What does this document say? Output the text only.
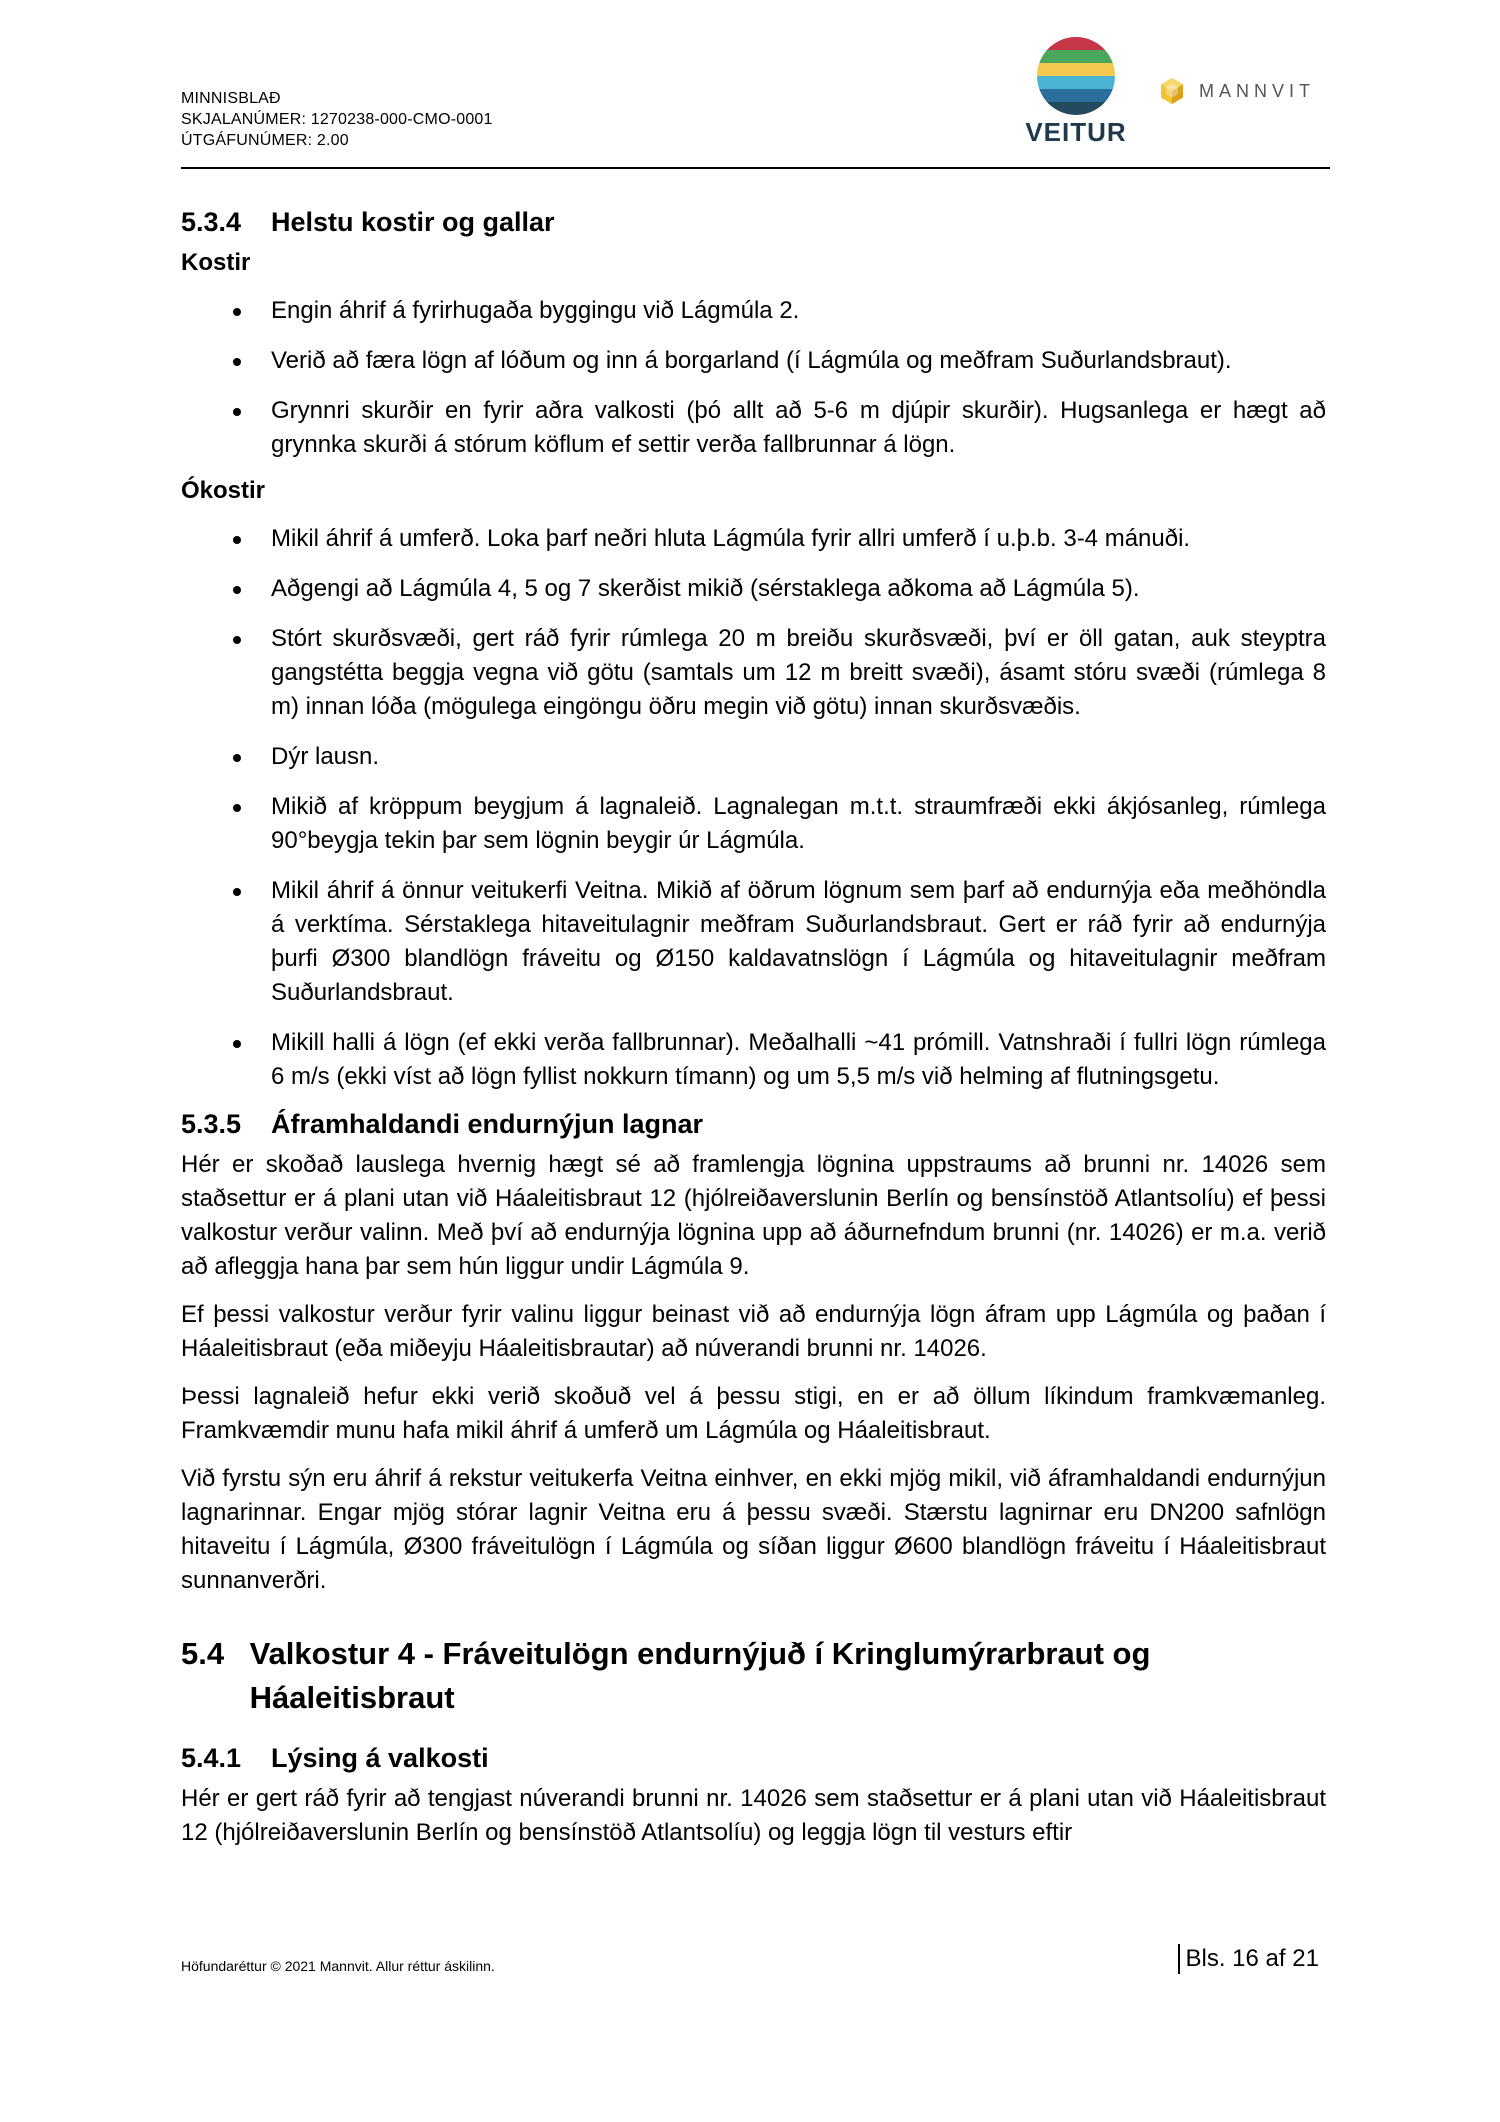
MINNISBLAÐ
SKJALANÚMER: 1270238-000-CMO-0001
ÚTGÁFUNÚMER: 2.00	VEITUR
MANNVIT
5.3.4	Helstu kostir og gallar
Kostir
Engin áhrif á fyrirhugaða byggingu við Lágmúla 2.
Verið að færa lögn af lóðum og inn á borgarland (í Lágmúla og meðfram Suðurlandsbraut).
Grynnri skurðir en fyrir aðra valkosti (þó allt að 5-6 m djúpir skurðir). Hugsanlega er hægt að grynnka skurði á stórum köflum ef settir verða fallbrunnar á lögn.
Ókostir
Mikil áhrif á umferð. Loka þarf neðri hluta Lágmúla fyrir allri umferð í u.þ.b. 3-4 mánuði.
Aðgengi að Lágmúla 4, 5 og 7 skerðist mikið (sérstaklega aðkoma að Lágmúla 5).
Stórt skurðsvæði, gert ráð fyrir rúmlega 20 m breiðu skurðsvæði, því er öll gatan, auk steyptra gangstétta beggja vegna við götu (samtals um 12 m breitt svæði), ásamt stóru svæði (rúmlega 8 m) innan lóða (mögulega eingöngu öðru megin við götu) innan skurðsvæðis.
Dýr lausn.
Mikið af kröppum beygjum á lagnaleið. Lagnalegan m.t.t. straumfræði ekki ákjósanleg, rúmlega 90°beygja tekin þar sem lögnin beygir úr Lágmúla.
Mikil áhrif á önnur veitukerfi Veitna. Mikið af öðrum lögnum sem þarf að endurnýja eða meðhöndla á verktíma. Sérstaklega hitaveitulagnir meðfram Suðurlandsbraut. Gert er ráð fyrir að endurnýja þurfi Ø300 blandlögn fráveitu og Ø150 kaldavatnslögn í Lágmúla og hitaveitulagnir meðfram Suðurlandsbraut.
Mikill halli á lögn (ef ekki verða fallbrunnar). Meðalhalli ~41 prómill. Vatnshraði í fullri lögn rúmlega 6 m/s (ekki víst að lögn fyllist nokkurn tímann) og um 5,5 m/s við helming af flutningsgetu.
5.3.5	Áframhaldandi endurnýjun lagnar

Hér er skoðað lauslega hvernig hægt sé að framlengja lögnina uppstraums að brunni nr. 14026 sem staðsettur er á plani utan við Háaleitisbraut 12 (hjólreiðaverslunin Berlín og bensínstöð Atlantsolíu) ef þessi valkostur verður valinn. Með því að endurnýja lögnina upp að áðurnefndum brunni (nr. 14026) er m.a. verið að afleggja hana þar sem hún liggur undir Lágmúla 9.

Ef þessi valkostur verður fyrir valinu liggur beinast við að endurnýja lögn áfram upp Lágmúla og þaðan í Háaleitisbraut (eða miðeyju Háaleitisbrautar) að núverandi brunni nr. 14026.

Þessi lagnaleið hefur ekki verið skoðuð vel á þessu stigi, en er að öllum líkindum framkvæmanleg. Framkvæmdir munu hafa mikil áhrif á umferð um Lágmúla og Háaleitisbraut.

Við fyrstu sýn eru áhrif á rekstur veitukerfa Veitna einhver, en ekki mjög mikil, við áframhaldandi endurnýjun lagnarinnar. Engar mjög stórar lagnir Veitna eru á þessu svæði. Stærstu lagnirnar eru DN200 safnlögn hitaveitu í Lágmúla, Ø300 fráveitulögn í Lágmúla og síðan liggur Ø600 blandlögn fráveitu í Háaleitisbraut sunnanverðri.

5.4 Valkostur 4 - Fráveitulögn endurnýjuð í Kringlumýrarbraut og Háaleitisbraut
5.4.1	Lýsing á valkosti

Hér er gert ráð fyrir að tengjast núverandi brunni nr. 14026 sem staðsettur er á plani utan við Háaleitisbraut 12 (hjólreiðaverslunin Berlín og bensínstöð Atlantsolíu) og leggja lögn til vesturs eftir

Höfundaréttur © 2021 Mannvit. Allur réttur áskilinn.	Bls. 16 af 21
